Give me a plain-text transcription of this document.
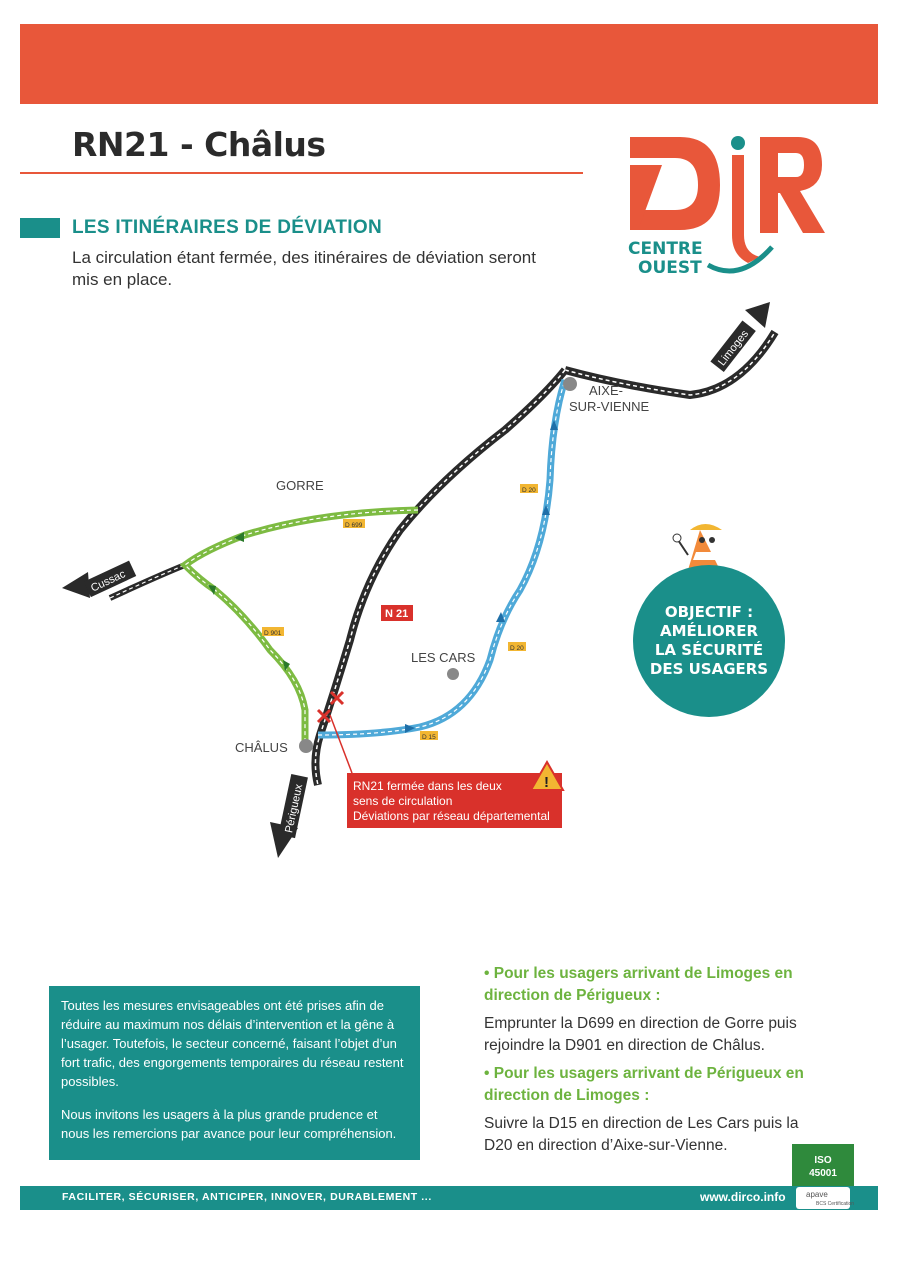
RN21 - Châlus
CENTRE
OUEST
LES ITINÉRAIRES DE DÉVIATION
La circulation étant fermée, des itinéraires de déviation seront mis en place.
Limoges
Cussac
Périgueux
GORRE
AIXE-
SUR-VIENNE
LES CARS
CHÂLUS
N 21
D 699
D 901
D 20
D 20
D 15
RN21 fermée dans les deux
sens de circulation
Déviations par réseau départemental
!
OBJECTIF :
AMÉLIORER
LA SÉCURITÉ
DES USAGERS

Toutes les mesures envisageables ont été prises afin de réduire au maximum nos délais d’intervention et la gêne à l’usager. Toutefois, le secteur concerné, faisant l’objet d’un fort trafic, des engorgements temporaires du réseau restent possibles.

Nous invitons les usagers à la plus grande prudence et nous les remercions par avance pour leur compréhension.

• Pour les usagers arrivant de Limoges en direction de Périgueux :

Emprunter la D699 en direction de Gorre puis rejoindre la D901 en direction de Châlus.

• Pour les usagers arrivant de Périgueux en direction de Limoges :

Suivre la D15 en direction de Les Cars puis la D20 en direction d’Aixe-sur-Vienne.

ISO
45001
FACILITER, SÉCURISER, ANTICIPER, INNOVER, DURABLEMENT ...	www.dirco.info	apave
BCS Certification
